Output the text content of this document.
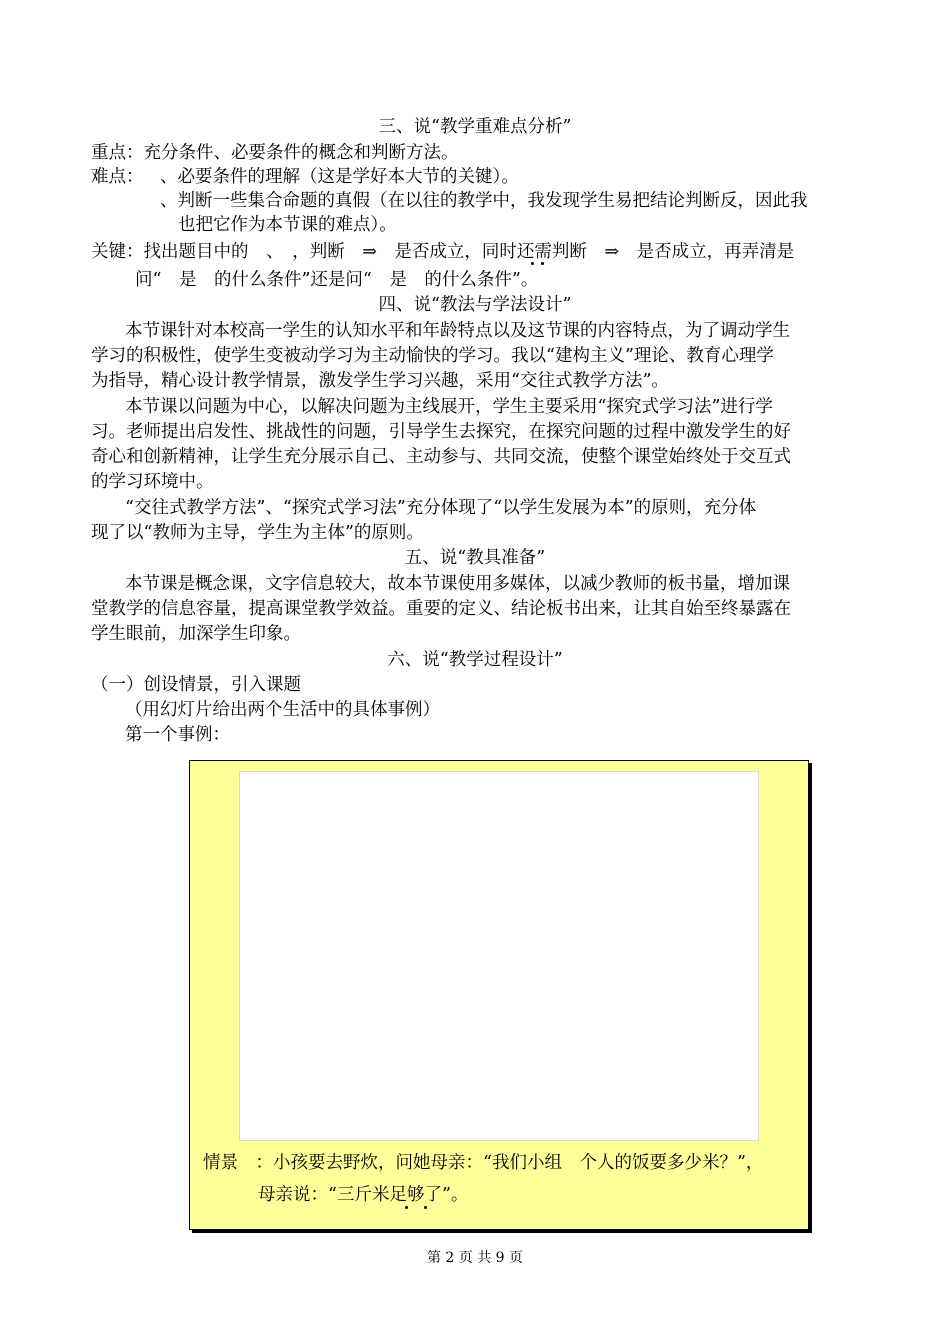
三、说“教学重难点分析”
重点：充分条件、必要条件的概念和判断方法。
难点： 、必要条件的理解（这是学好本大节的关键）。
、判断一些集合命题的真假（在以往的教学中，我发现学生易把结论判断反，因此我
也把它作为本节课的难点）。
关键：找出题目中的　、　，判断　⇒　是否成立，同时还需判断　⇒　是否成立，再弄清是
问“　是　的什么条件”还是问“　是　的什么条件”。
四、说“教法与学法设计”
本节课针对本校高一学生的认知水平和年龄特点以及这节课的内容特点，为了调动学生
学习的积极性，使学生变被动学习为主动愉快的学习。我以“建构主义”理论、教育心理学
为指导，精心设计教学情景，激发学生学习兴趣，采用“交往式教学方法”。
本节课以问题为中心，以解决问题为主线展开，学生主要采用“探究式学习法”进行学
习。老师提出启发性、挑战性的问题，引导学生去探究，在探究问题的过程中激发学生的好
奇心和创新精神，让学生充分展示自己、主动参与、共同交流，使整个课堂始终处于交互式
的学习环境中。
“交往式教学方法”、“探究式学习法”充分体现了“以学生发展为本”的原则，充分体
现了以“教师为主导，学生为主体”的原则。
五、说“教具准备”
本节课是概念课，文字信息较大，故本节课使用多媒体，以减少教师的板书量，增加课
堂教学的信息容量，提高课堂教学效益。重要的定义、结论板书出来，让其自始至终暴露在
学生眼前，加深学生印象。
六、说“教学过程设计”
（一）创设情景，引入课题
（用幻灯片给出两个生活中的具体事例）
第一个事例：
情景　：小孩要去野炊，问她母亲：“我们小组　个人的饭要多少米？”，
母亲说：“三斤米足够了”。
第 2 页 共 9 页
